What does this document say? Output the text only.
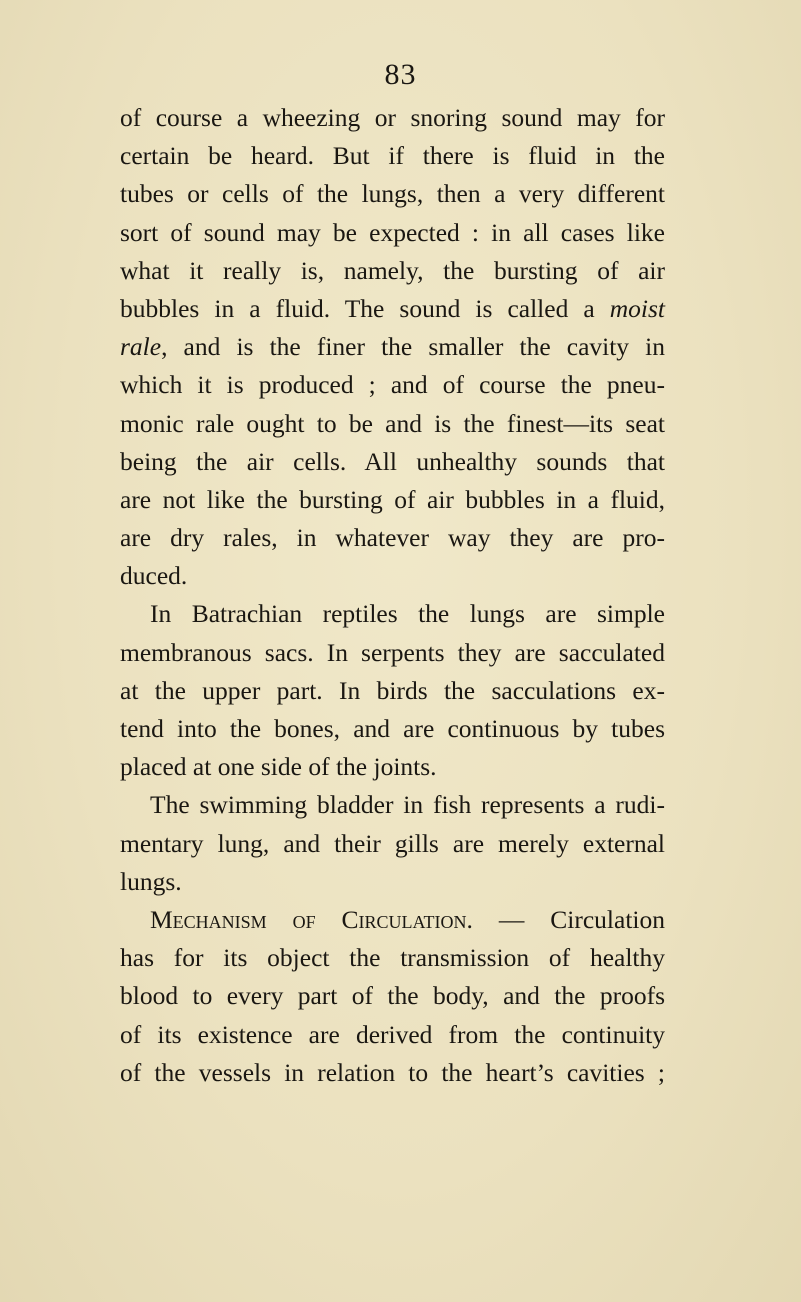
83
of course a wheezing or snoring sound may for
certain be heard. But if there is fluid in the
tubes or cells of the lungs, then a very different
sort of sound may be expected : in all cases like
what it really is, namely, the bursting of air
bubbles in a fluid. The sound is called a moist
rale, and is the finer the smaller the cavity in
which it is produced ; and of course the pneu-
monic rale ought to be and is the finest—its seat
being the air cells. All unhealthy sounds that
are not like the bursting of air bubbles in a fluid,
are dry rales, in whatever way they are pro-
duced.
In Batrachian reptiles the lungs are simple
membranous sacs. In serpents they are sacculated
at the upper part. In birds the sacculations ex-
tend into the bones, and are continuous by tubes
placed at one side of the joints.
The swimming bladder in fish represents a rudi-
mentary lung, and their gills are merely external
lungs.
Mechanism of Circulation. — Circulation
has for its object the transmission of healthy
blood to every part of the body, and the proofs
of its existence are derived from the continuity
of the vessels in relation to the heart’s cavities ;
